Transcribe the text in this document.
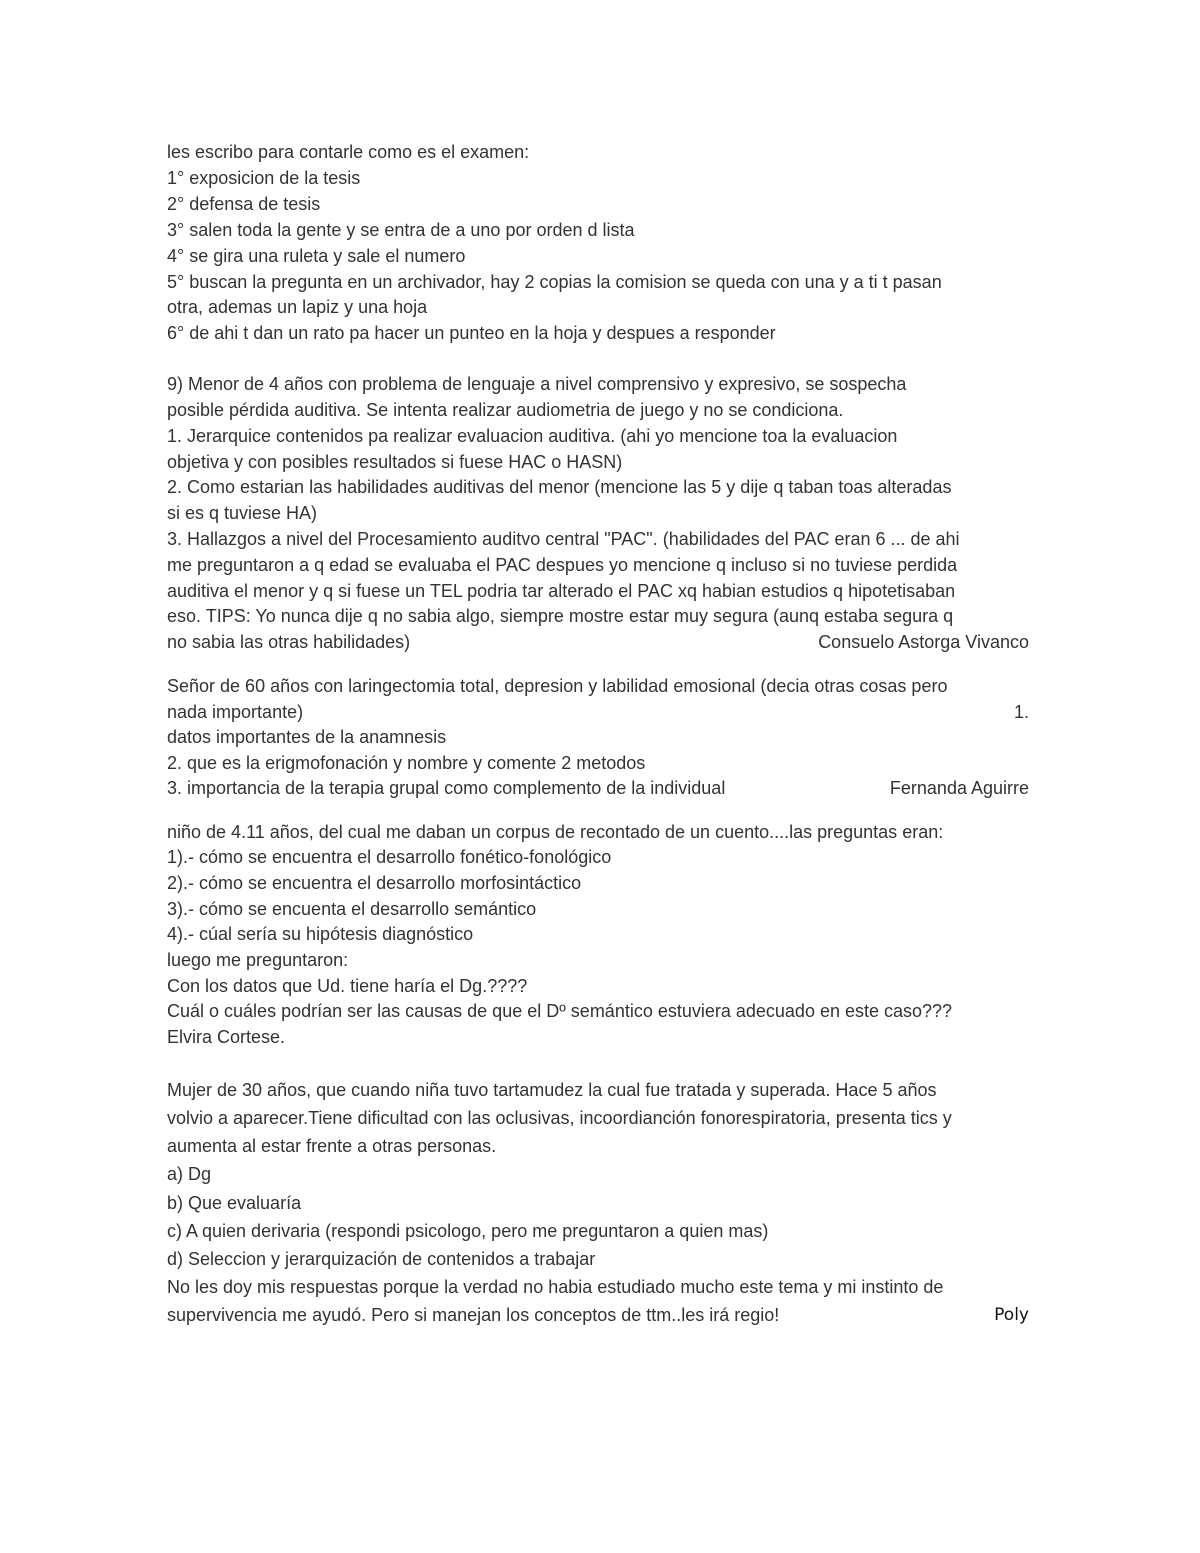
les escribo para contarle como es el examen:
1° exposicion de la tesis
2° defensa de tesis
3° salen toda la gente y se entra de a uno por orden d lista
4° se gira una ruleta y sale el numero
5° buscan la pregunta en un archivador, hay 2 copias la comision se queda con una y a ti t pasan
otra, ademas un lapiz y una hoja
6° de ahi t dan un rato pa hacer un punteo en la hoja y despues a responder
9) Menor de 4 años con problema de lenguaje a nivel comprensivo y expresivo, se sospecha
posible pérdida auditiva. Se intenta realizar audiometria de juego y no se condiciona.
1. Jerarquice contenidos pa realizar evaluacion auditiva. (ahi yo mencione toa la evaluacion
objetiva y con posibles resultados si fuese HAC o HASN)
2. Como estarian las habilidades auditivas del menor (mencione las 5 y dije q taban toas alteradas
si es q tuviese HA)
3. Hallazgos a nivel del Procesamiento auditvo central "PAC". (habilidades del PAC eran 6 ... de ahi
me preguntaron a q edad se evaluaba el PAC despues yo mencione q incluso si no tuviese perdida
auditiva el menor y q si fuese un TEL podria tar alterado el PAC xq habian estudios q hipotetisaban
eso. TIPS: Yo nunca dije q no sabia algo, siempre mostre estar muy segura (aunq estaba segura q
no sabia las otras habilidades)	Consuelo Astorga Vivanco
Señor de 60 años con laringectomia total, depresion y labilidad emosional (decia otras cosas pero
nada importante)	1.
datos importantes de la anamnesis
2. que es la erigmofonación y nombre y comente 2 metodos
3. importancia de la terapia grupal como complemento de la individual	Fernanda Aguirre
niño de 4.11 años, del cual me daban un corpus de recontado de un cuento....las preguntas eran:
1).- cómo se encuentra el desarrollo fonético-fonológico
2).- cómo se encuentra el desarrollo morfosintáctico
3).- cómo se encuenta el desarrollo semántico
4).- cúal sería su hipótesis diagnóstico
luego me preguntaron:
Con los datos que Ud. tiene haría el Dg.????
Cuál o cuáles podrían ser las causas de que el Dº semántico estuviera adecuado en este caso???
Elvira Cortese.
Mujer de 30 años, que cuando niña tuvo tartamudez la cual fue tratada y superada. Hace 5 años
volvio a aparecer.Tiene dificultad con las oclusivas, incoordianción fonorespiratoria, presenta tics y
aumenta al estar frente a otras personas.
a) Dg
b) Que evaluaría
c) A quien derivaria (respondi psicologo, pero me preguntaron a quien mas)
d) Seleccion y jerarquización de contenidos a trabajar
No les doy mis respuestas porque la verdad no habia estudiado mucho este tema y mi instinto de
supervivencia me ayudó. Pero si manejan los conceptos de ttm..les irá regio!	Poly
